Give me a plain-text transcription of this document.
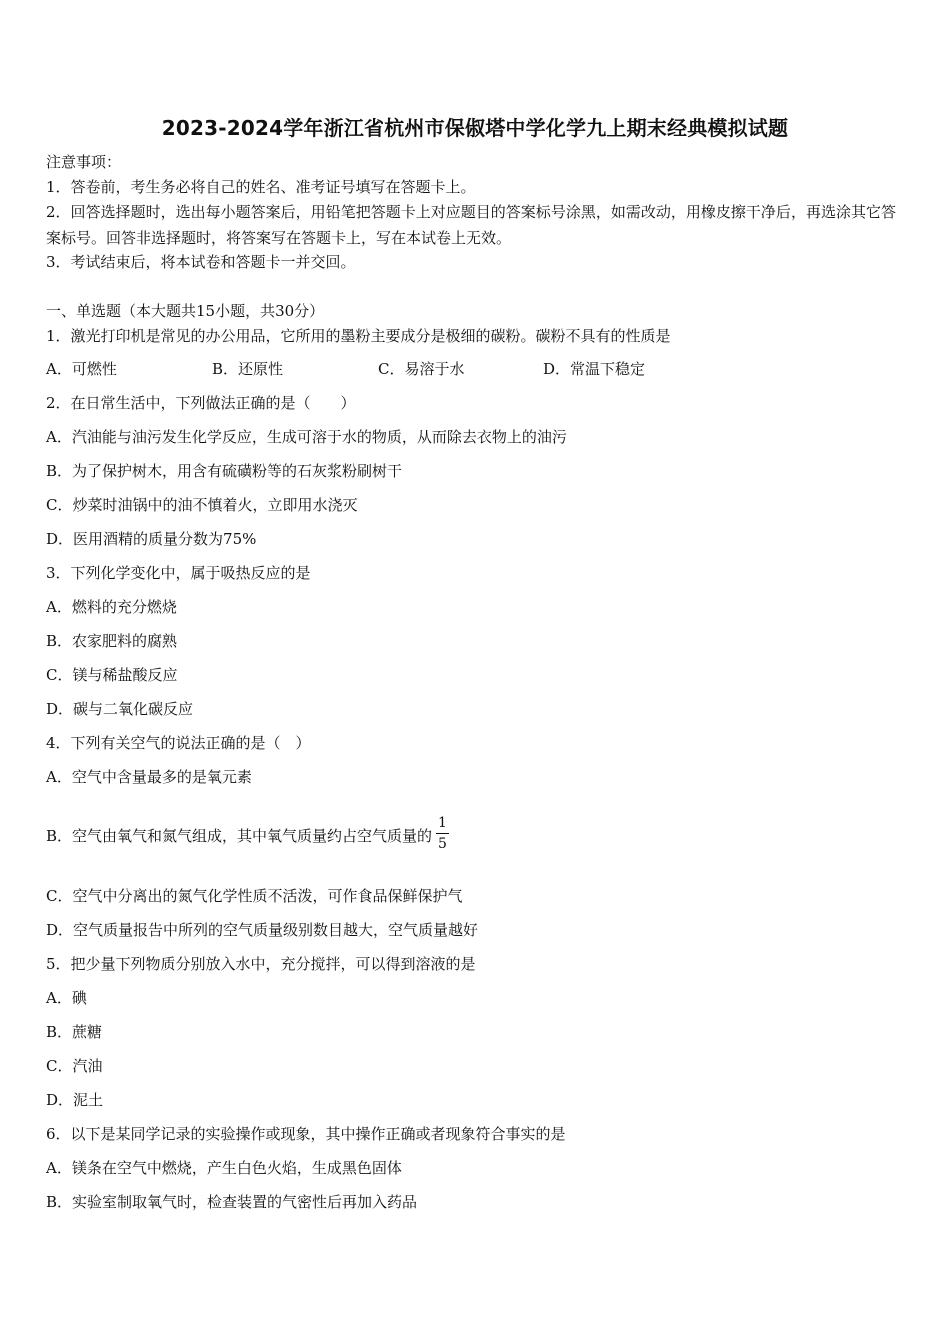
2023-2024学年浙江省杭州市保俶塔中学化学九上期末经典模拟试题
注意事项：
1．答卷前，考生务必将自己的姓名、准考证号填写在答题卡上。
2．回答选择题时，选出每小题答案后，用铅笔把答题卡上对应题目的答案标号涂黑，如需改动，用橡皮擦干净后，再选涂其它答案标号。回答非选择题时，将答案写在答题卡上，写在本试卷上无效。
3．考试结束后，将本试卷和答题卡一并交回。
一、单选题（本大题共15小题，共30分）
1．激光打印机是常见的办公用品，它所用的墨粉主要成分是极细的碳粉。碳粉不具有的性质是
A．可燃性	B．还原性	C．易溶于水	D．常温下稳定
2．在日常生活中，下列做法正确的是（　　）
A．汽油能与油污发生化学反应，生成可溶于水的物质，从而除去衣物上的油污
B．为了保护树木，用含有硫磺粉等的石灰浆粉刷树干
C．炒菜时油锅中的油不慎着火，立即用水浇灭
D．医用酒精的质量分数为75%
3．下列化学变化中，属于吸热反应的是
A．燃料的充分燃烧
B．农家肥料的腐熟
C．镁与稀盐酸反应
D．碳与二氧化碳反应
4．下列有关空气的说法正确的是（　）
A．空气中含量最多的是氧元素
B．空气由氧气和氮气组成，其中氧气质量约占空气质量的 $\frac{1}{5}$
C．空气中分离出的氮气化学性质不活泼，可作食品保鲜保护气
D．空气质量报告中所列的空气质量级别数目越大，空气质量越好
5．把少量下列物质分别放入水中，充分搅拌，可以得到溶液的是
A．碘
B．蔗糖
C．汽油
D．泥土
6．以下是某同学记录的实验操作或现象，其中操作正确或者现象符合事实的是
A．镁条在空气中燃烧，产生白色火焰，生成黑色固体
B．实验室制取氧气时，检查装置的气密性后再加入药品
